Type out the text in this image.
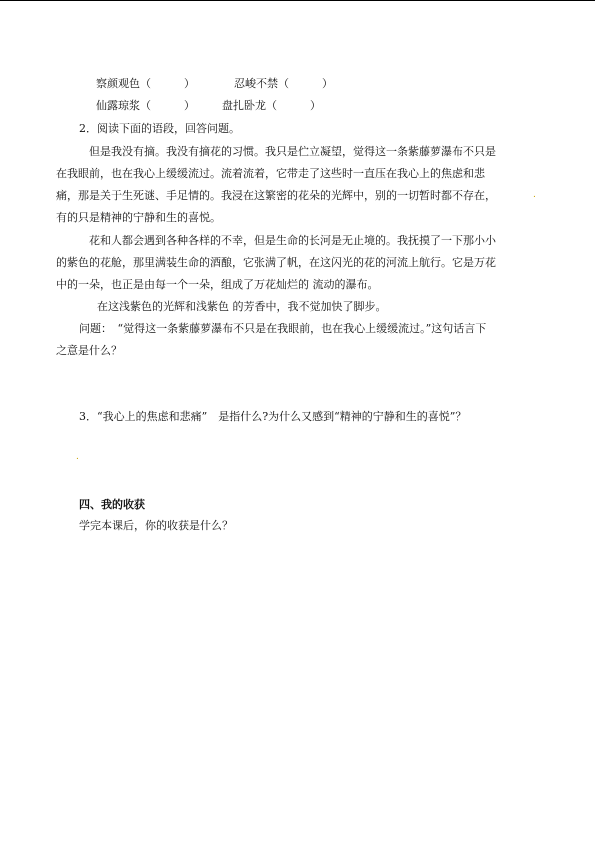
察颜观色（　　　）	忍峻不禁（　　　）
仙露琼浆（　　　） 盘扎卧龙（　　　）
2．阅读下面的语段，回答问题。
但是我没有摘。我没有摘花的习惯。我只是伫立凝望，觉得这一条紫藤萝瀑布不只是
在我眼前，也在我心上缓缓流过。流着流着，它带走了这些时一直压在我心上的焦虑和悲
痛，那是关于生死谜、手足情的。我浸在这繁密的花朵的光辉中，别的一切暂时都不存在，	.
有的只是精神的宁静和生的喜悦。
花和人都会遇到各种各样的不幸，但是生命的长河是无止境的。我抚摸了一下那小小
的紫色的花舱，那里满装生命的酒酿，它张满了帆，在这闪光的花的河流上航行。它是万花
中的一朵，也正是由每一个一朵，组成了万花灿烂的 流动的瀑布。
在这浅紫色的光辉和浅紫色 的芳香中，我不觉加快了脚步。
问题：　“觉得这一条紫藤萝瀑布不只是在我眼前，也在我心上缓缓流过。”这句话言下
之意是什么？
3．“我心上的焦虑和悲痛”　是指什么?为什么又感到“精神的宁静和生的喜悦”？
.
四、我的收获
学完本课后，你的收获是什么？
